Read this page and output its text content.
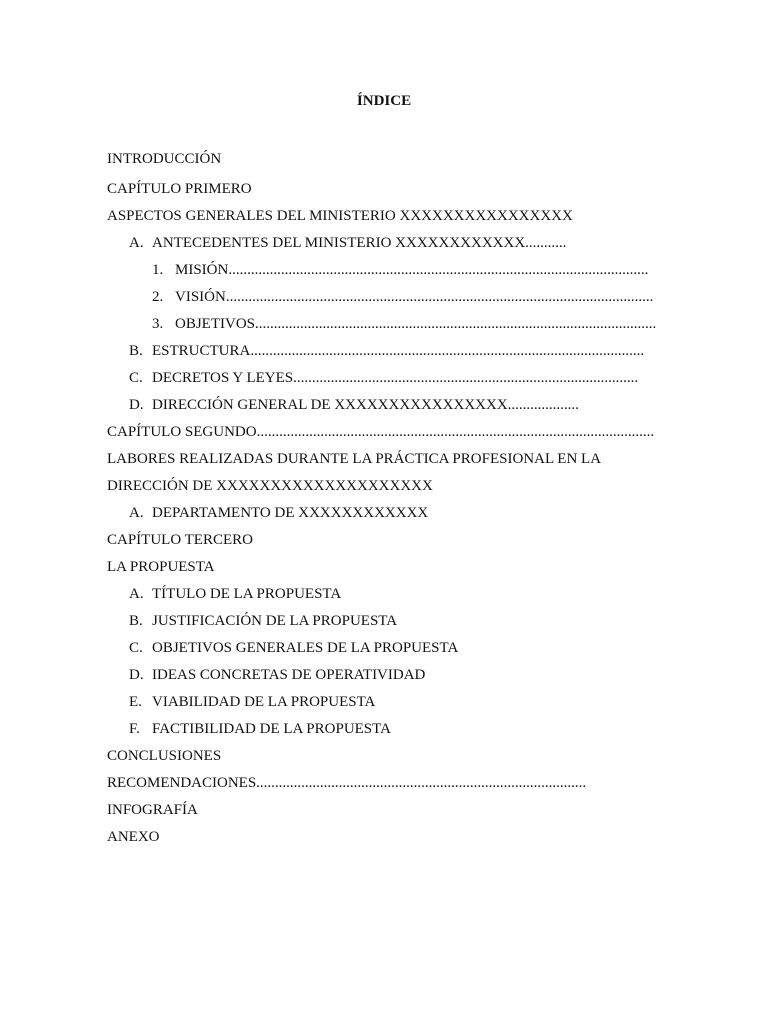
ÍNDICE
INTRODUCCIÓN
CAPÍTULO PRIMERO
ASPECTOS GENERALES DEL MINISTERIO XXXXXXXXXXXXXXXX
A. ANTECEDENTES DEL MINISTERIO XXXXXXXXXXXX...........
1. MISIÓN................................................................................................................
2. VISIÓN..................................................................................................................
3. OBJETIVOS...........................................................................................................
B. ESTRUCTURA.........................................................................................................
C. DECRETOS Y LEYES............................................................................................
D. DIRECCIÓN GENERAL DE XXXXXXXXXXXXXXXX...................
CAPÍTULO SEGUNDO..........................................................................................................
LABORES REALIZADAS DURANTE LA PRÁCTICA PROFESIONAL EN LA
DIRECCIÓN DE XXXXXXXXXXXXXXXXXXXX
A. DEPARTAMENTO DE XXXXXXXXXXXX
CAPÍTULO TERCERO
LA PROPUESTA
A. TÍTULO DE LA PROPUESTA
B. JUSTIFICACIÓN DE LA PROPUESTA
C. OBJETIVOS GENERALES DE LA PROPUESTA
D. IDEAS CONCRETAS DE OPERATIVIDAD
E. VIABILIDAD DE LA PROPUESTA
F. FACTIBILIDAD DE LA PROPUESTA
CONCLUSIONES
RECOMENDACIONES........................................................................................
INFOGRAFÍA
ANEXO
